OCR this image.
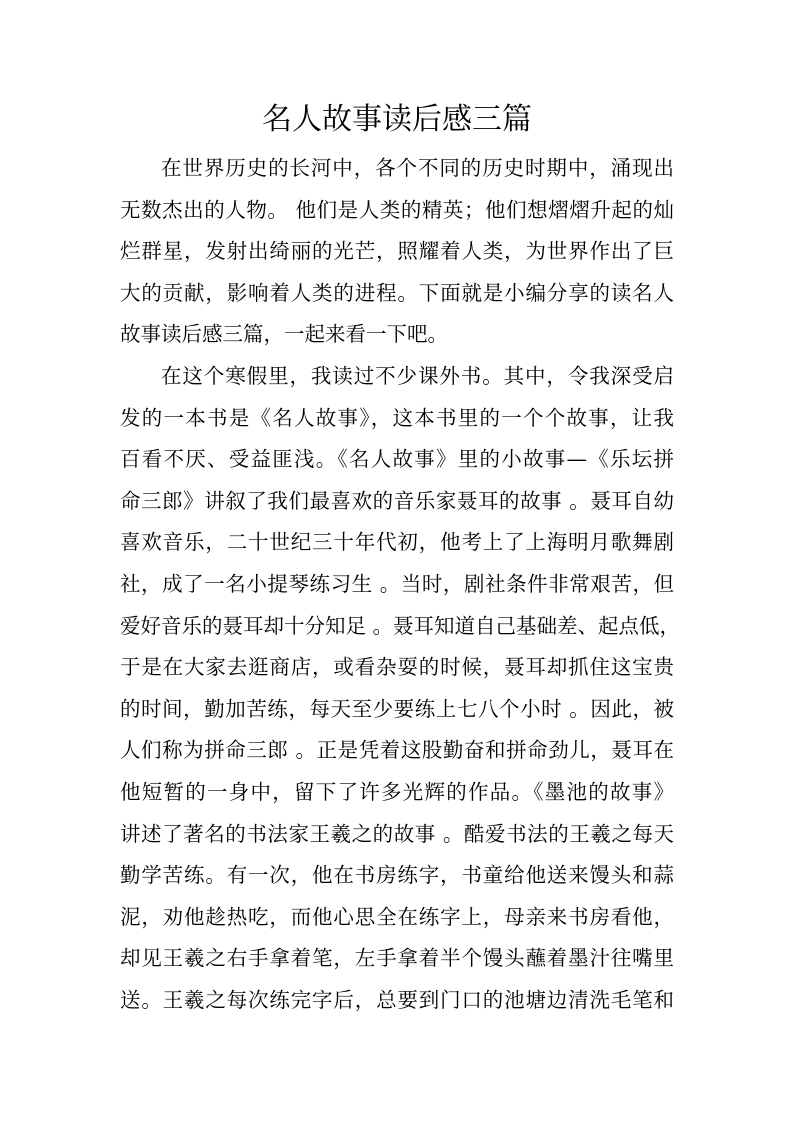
名人故事读后感三篇

在世界历史的长河中，各个不同的历史时期中，涌现出

无数杰出的人物。 他们是人类的精英；他们想熠熠升起的灿

烂群星，发射出绮丽的光芒，照耀着人类，为世界作出了巨

大的贡献，影响着人类的进程。下面就是小编分享的读名人

故事读后感三篇，一起来看一下吧。

在这个寒假里，我读过不少课外书。其中，令我深受启

发的一本书是《名人故事》，这本书里的一个个故事，让我

百看不厌、受益匪浅。《名人故事》里的小故事—《乐坛拼

命三郎》讲叙了我们最喜欢的音乐家聂耳的故事 。聂耳自幼

喜欢音乐，二十世纪三十年代初，他考上了上海明月歌舞剧

社，成了一名小提琴练习生 。当时，剧社条件非常艰苦，但

爱好音乐的聂耳却十分知足 。聂耳知道自己基础差、起点低，

于是在大家去逛商店，或看杂耍的时候，聂耳却抓住这宝贵

的时间，勤加苦练，每天至少要练上七八个小时 。因此，被

人们称为拼命三郎 。正是凭着这股勤奋和拼命劲儿，聂耳在

他短暂的一身中，留下了许多光辉的作品。《墨池的故事》

讲述了著名的书法家王羲之的故事 。酷爱书法的王羲之每天

勤学苦练。有一次，他在书房练字，书童给他送来馒头和蒜

泥，劝他趁热吃，而他心思全在练字上，母亲来书房看他，

却见王羲之右手拿着笔，左手拿着半个馒头蘸着墨汁往嘴里

送。王羲之每次练完字后，总要到门口的池塘边清洗毛笔和
